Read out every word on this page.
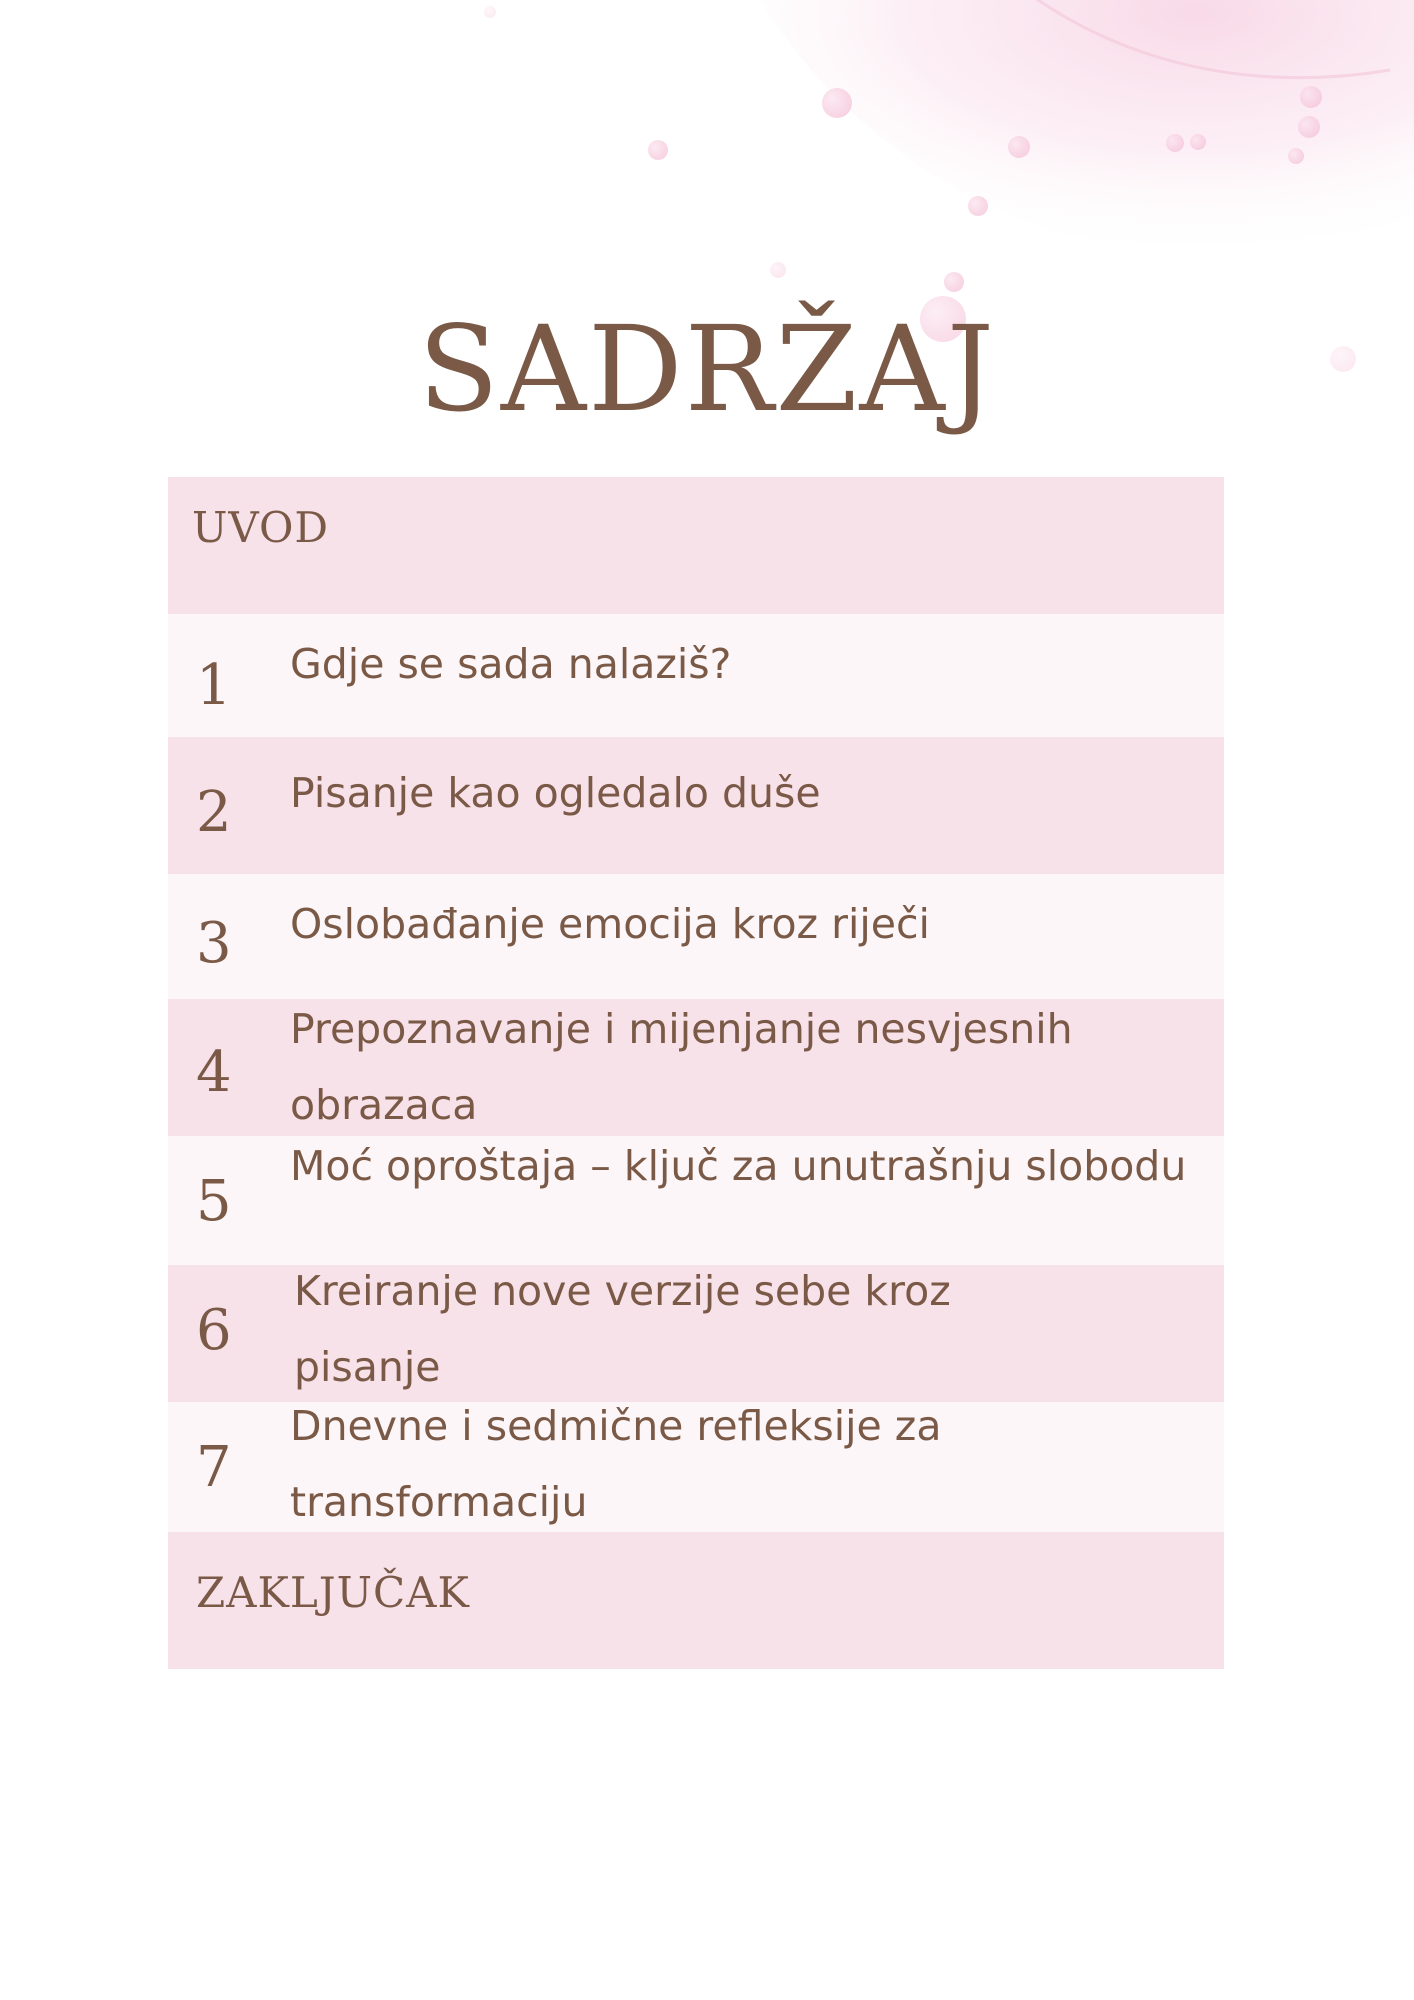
SADRŽAJ
UVOD
1 Gdje se sada nalaziš?
2 Pisanje kao ogledalo duše
3 Oslobađanje emocija kroz riječi
4
Prepoznavanje i mijenjanje nesvjesnih obrazaca
5
Moć oproštaja – ključ za unutrašnju slobodu
6
Kreiranje nove verzije sebe kroz pisanje
7
Dnevne i sedmične refleksije za transformaciju
ZAKLJUČAK
